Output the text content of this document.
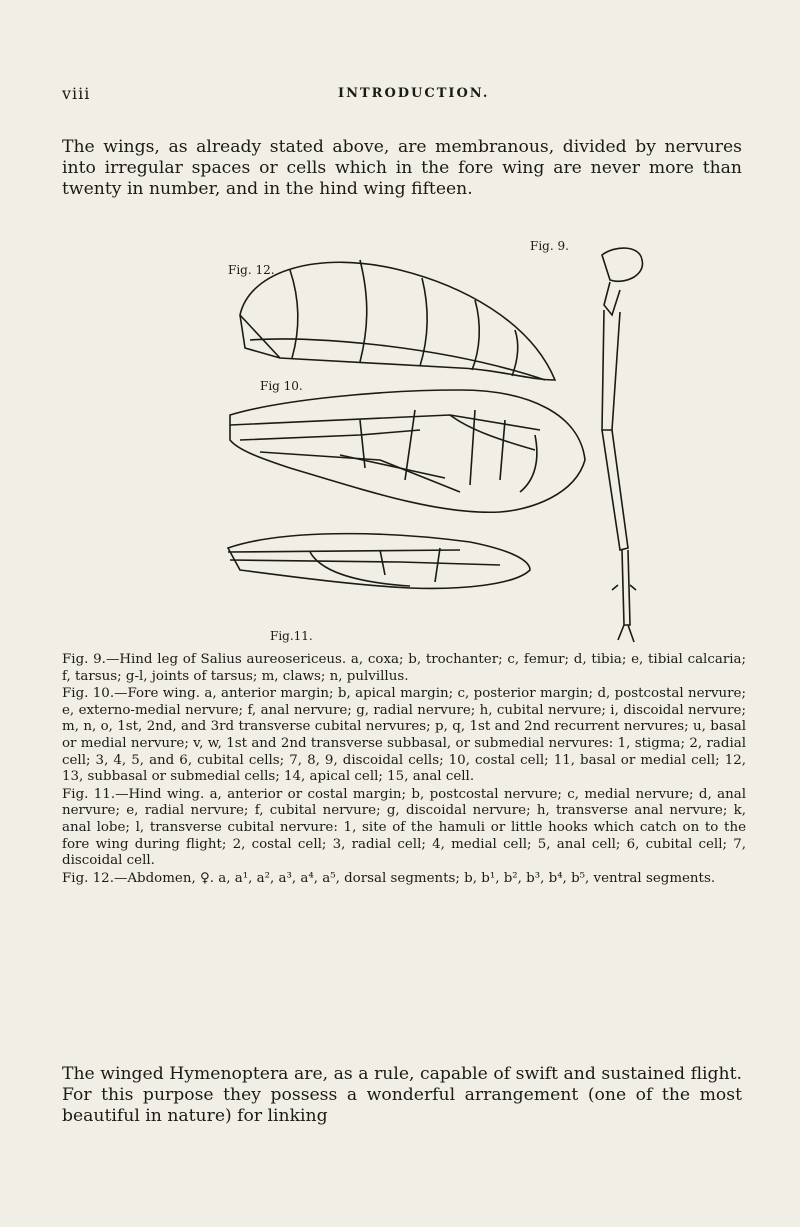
viii	INTRODUCTION.

The wings, as already stated above, are membranous, divided by nervures into irregular spaces or cells which in the fore wing are never more than twenty in number, and in the hind wing fifteen.

Fig. 12.
Fig. 9.
Fig 10.
Fig.11.

Fig. 9.—Hind leg of Salius aureosericeus. a, coxa; b, trochanter; c, femur; d, tibia; e, tibial calcaria; f, tarsus; g-l, joints of tarsus; m, claws; n, pulvillus.

Fig. 10.—Fore wing. a, anterior margin; b, apical margin; c, posterior margin; d, postcostal nervure; e, externo-medial nervure; f, anal nervure; g, radial nervure; h, cubital nervure; i, discoidal nervure; m, n, o, 1st, 2nd, and 3rd transverse cubital nervures; p, q, 1st and 2nd recurrent nervures; u, basal or medial nervure; v, w, 1st and 2nd transverse subbasal, or submedial nervures: 1, stigma; 2, radial cell; 3, 4, 5, and 6, cubital cells; 7, 8, 9, discoidal cells; 10, costal cell; 11, basal or medial cell; 12, 13, subbasal or submedial cells; 14, apical cell; 15, anal cell.

Fig. 11.—Hind wing. a, anterior or costal margin; b, postcostal nervure; c, medial nervure; d, anal nervure; e, radial nervure; f, cubital nervure; g, discoidal nervure; h, transverse anal nervure; k, anal lobe; l, transverse cubital nervure: 1, site of the hamuli or little hooks which catch on to the fore wing during flight; 2, costal cell; 3, radial cell; 4, medial cell; 5, anal cell; 6, cubital cell; 7, discoidal cell.

Fig. 12.—Abdomen, ♀. a, a¹, a², a³, a⁴, a⁵, dorsal segments; b, b¹, b², b³, b⁴, b⁵, ventral segments.

The winged Hymenoptera are, as a rule, capable of swift and sustained flight. For this purpose they possess a wonderful arrangement (one of the most beautiful in nature) for linking
